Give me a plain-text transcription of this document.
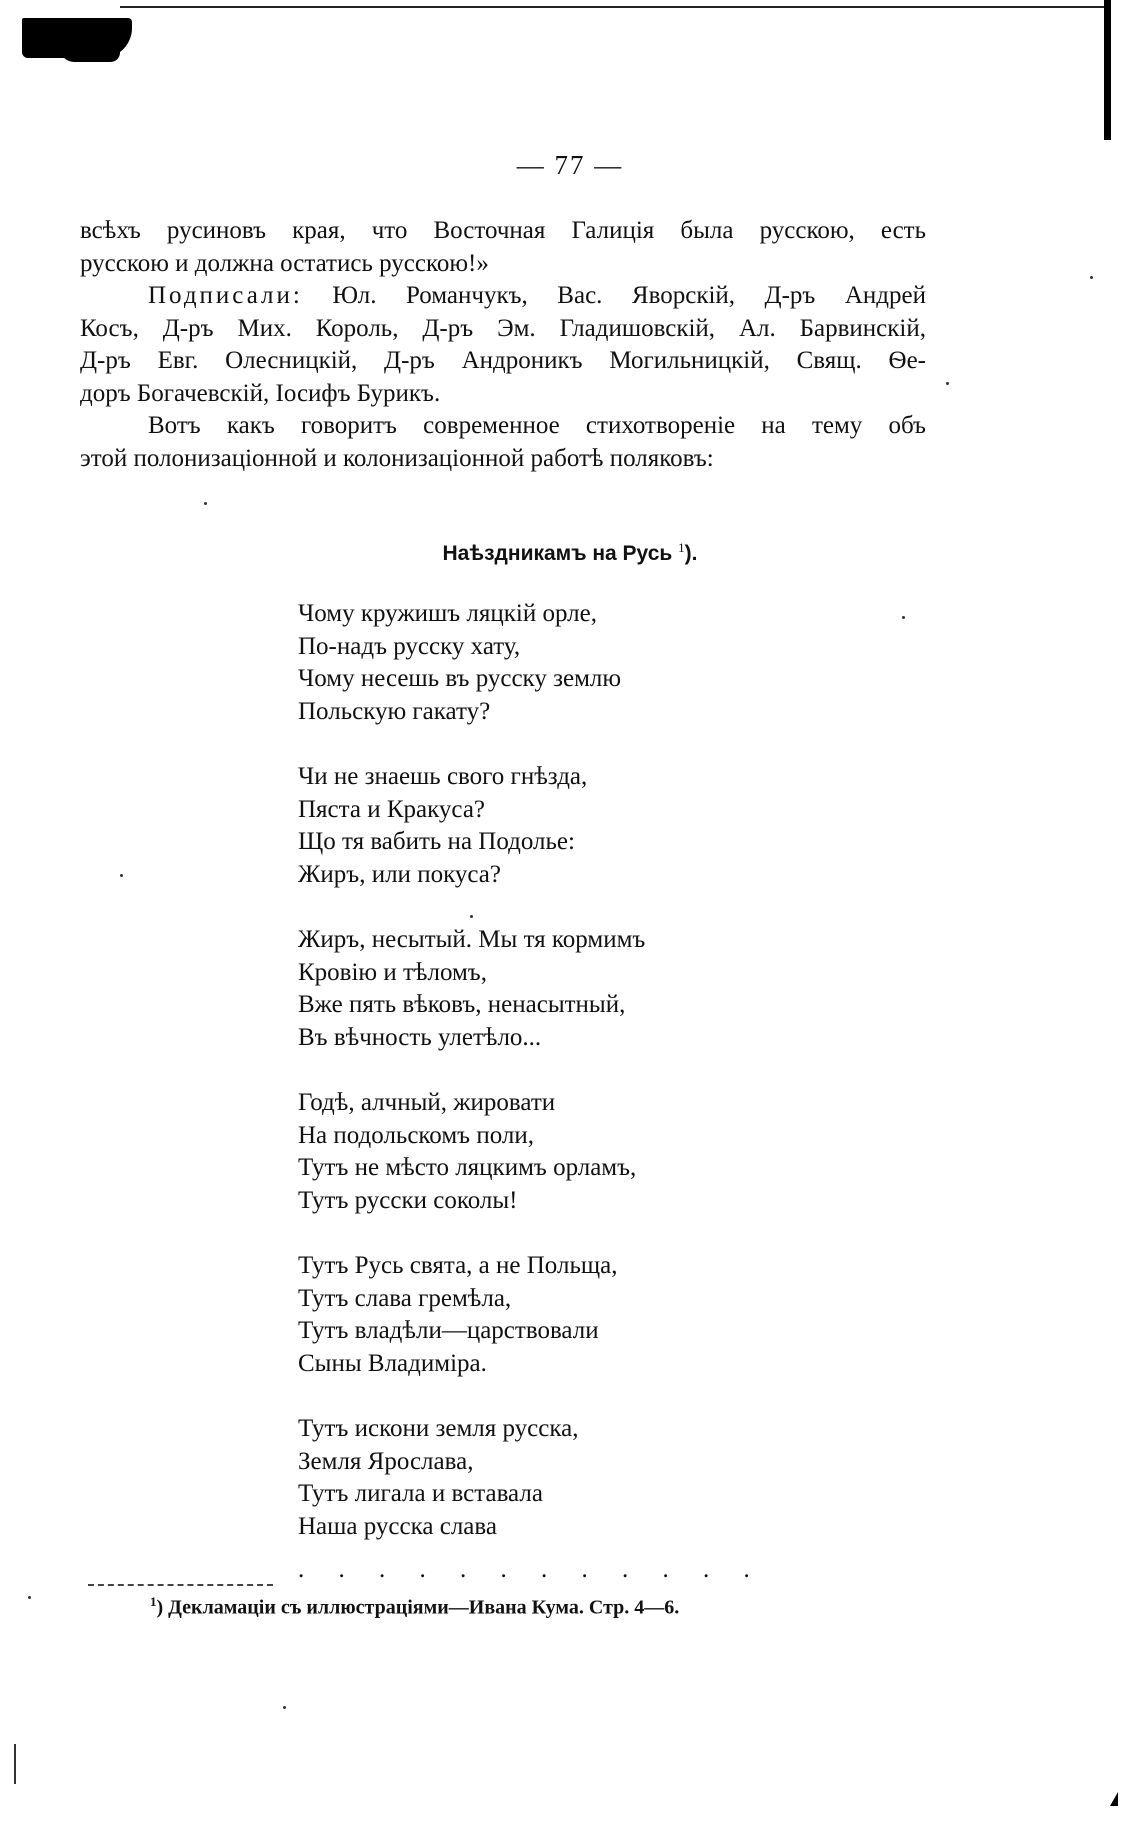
— 77 —

всѣхъ русиновъ края, что Восточная Галиція была русскою, есть

русскою и должна остатись русскою!»

Подписали: Юл. Романчукъ, Вас. Яворскій, Д-ръ Андрей

Косъ, Д-ръ Мих. Король, Д-ръ Эм. Гладишовскій, Ал. Барвинскій,

Д-ръ Евг. Олесницкій, Д-ръ Андроникъ Могильницкій, Свящ. Ѳе-

доръ Богачевскій, Іосифъ Бурикъ.

Вотъ какъ говоритъ современное стихотвореніе на тему объ

этой полонизаціонной и колонизаціонной работѣ поляковъ:

Наѣздникамъ на Русь $^1$).
Чому кружишъ ляцкій орле,
По-надъ русску хату,
Чому несешь въ русску землю
Польскую гакату?
Чи не знаешь свого гнѣзда,
Пяста и Кракуса?
Що тя вабить на Подолье:
Жиръ, или покуса?
Жиръ, несытый. Мы тя кормимъ
Кровію и тѣломъ,
Вже пять вѣковъ, ненасытный,
Въ вѣчность улетѣло...
Годѣ, алчный, жировати
На подольскомъ поли,
Тутъ не мѣсто ляцкимъ орламъ,
Тутъ русски соколы!
Тутъ Русь свята, а не Польща,
Тутъ слава гремѣла,
Тутъ владѣли—царствовали
Сыны Владиміра.
Тутъ искони земля русска,
Земля Ярослава,
Тутъ лигала и вставала
Наша русска слава
. . . . . . . . . . . .
$^1$) Декламаціи съ иллюстраціями—Ивана Кума. Стр. 4—6.
